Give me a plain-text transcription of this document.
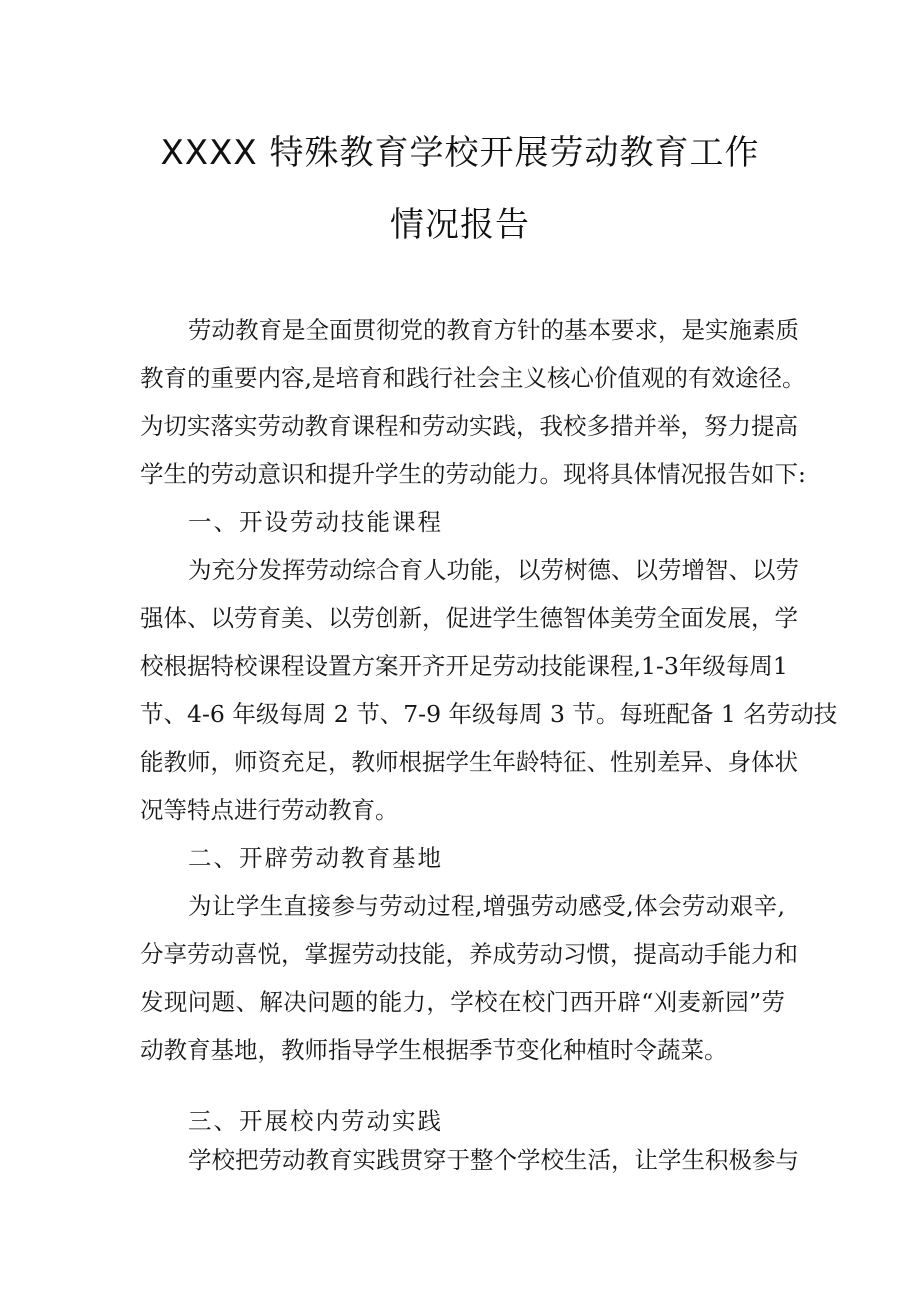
XXXX 特殊教育学校开展劳动教育工作
情况报告
劳动教育是全面贯彻党的教育方针的基本要求，是实施素质
教育的重要内容,是培育和践行社会主义核心价值观的有效途径。
为切实落实劳动教育课程和劳动实践，我校多措并举，努力提高
学生的劳动意识和提升学生的劳动能力。现将具体情况报告如下:
一、开设劳动技能课程
为充分发挥劳动综合育人功能，以劳树德、以劳增智、以劳
强体、以劳育美、以劳创新，促进学生德智体美劳全面发展，学
校根据特校课程设置方案开齐开足劳动技能课程,1-3年级每周1
节、4-6 年级每周 2 节、7-9 年级每周 3 节。每班配备 1 名劳动技
能教师，师资充足，教师根据学生年龄特征、性别差异、身体状
况等特点进行劳动教育。
二、开辟劳动教育基地
为让学生直接参与劳动过程,增强劳动感受,体会劳动艰辛,
分享劳动喜悦，掌握劳动技能，养成劳动习惯，提高动手能力和
发现问题、解决问题的能力，学校在校门西开辟“刈麦新园”劳
动教育基地，教师指导学生根据季节变化种植时令蔬菜。
三、开展校内劳动实践
学校把劳动教育实践贯穿于整个学校生活，让学生积极参与
